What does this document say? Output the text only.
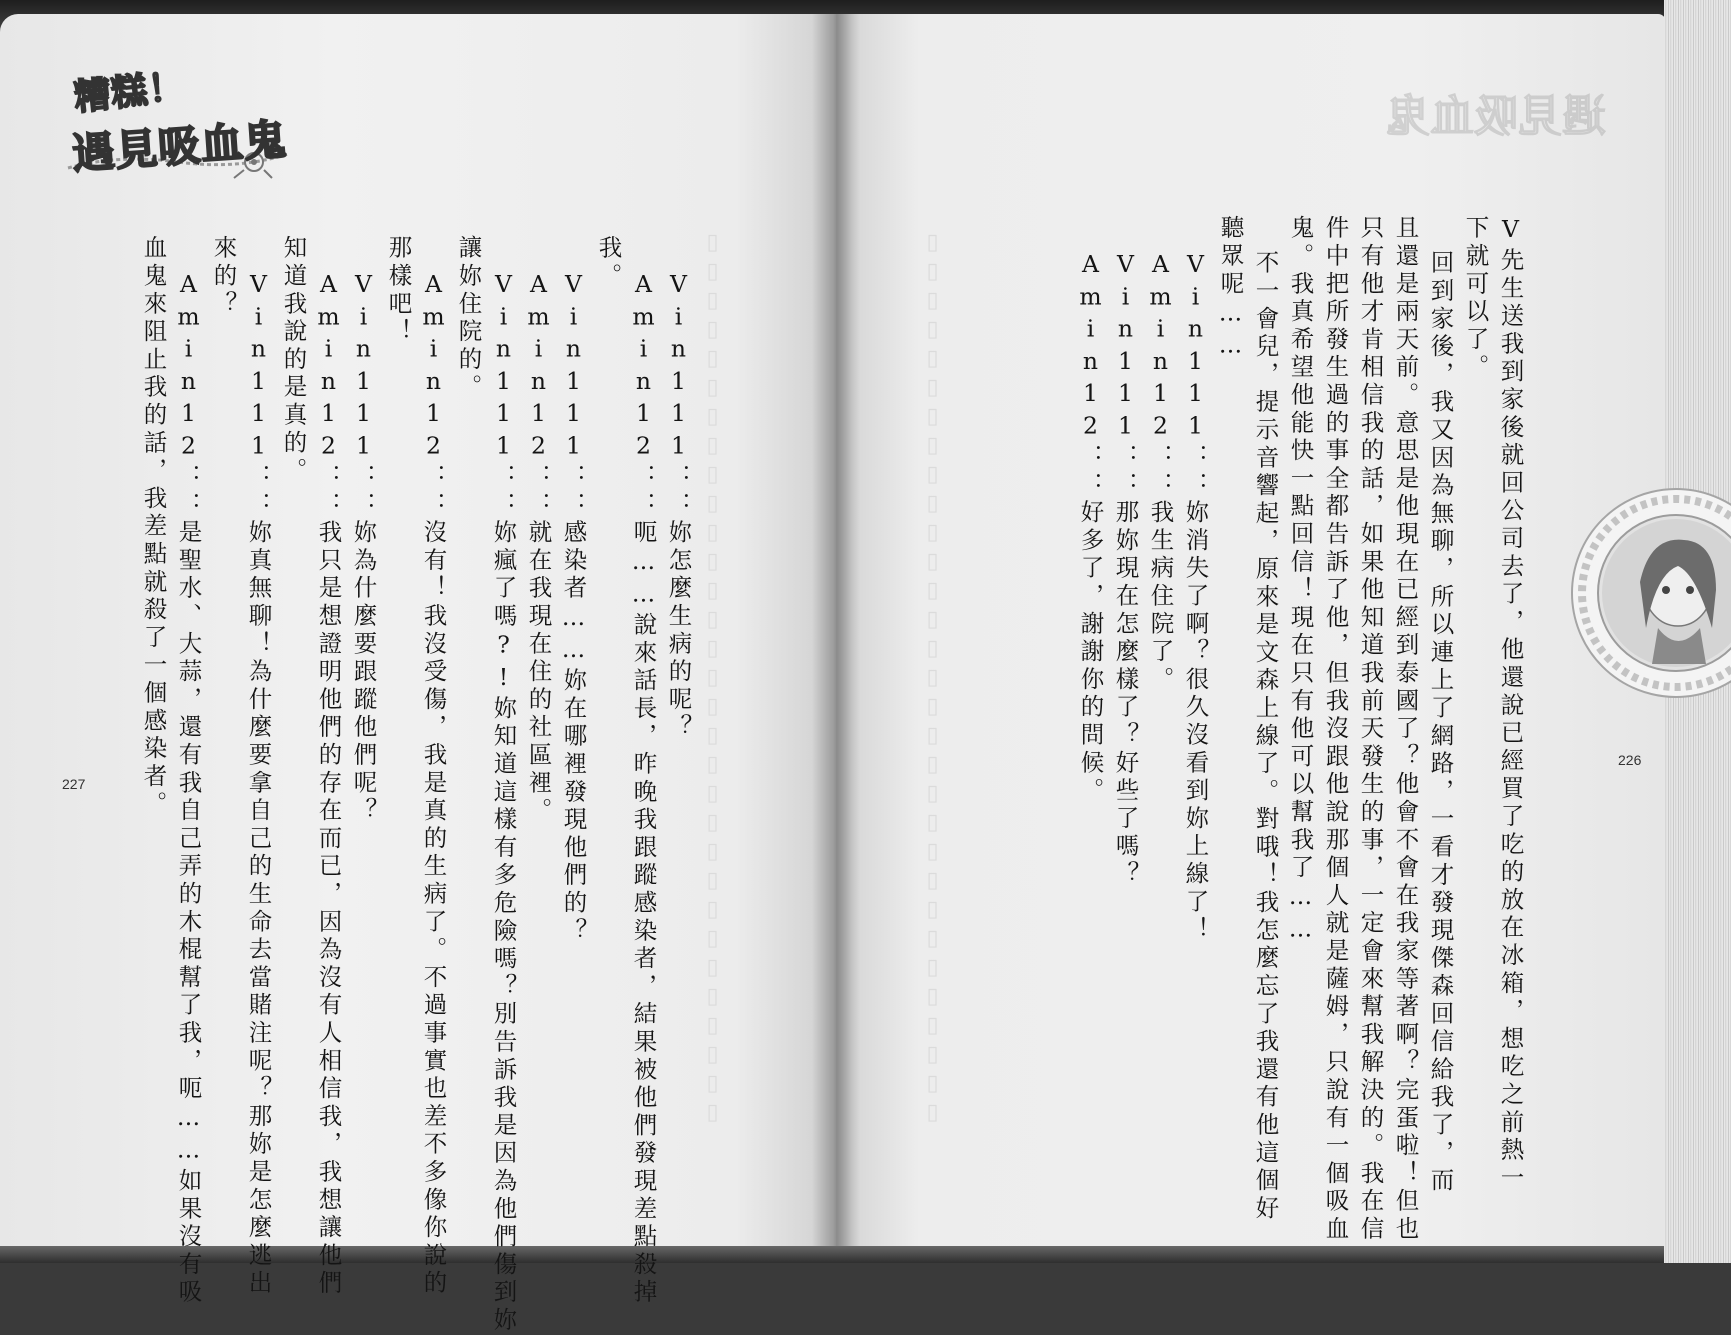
▯▯▯▯▯▯▯▯▯▯▯▯▯▯▯▯▯▯▯▯▯▯▯▯▯▯▯▯▯▯▯	▯▯▯▯▯▯▯▯▯▯▯▯▯▯▯▯▯▯▯▯▯▯▯▯▯▯▯▯▯▯▯
糟糕！
遇見吸血鬼	遇見吸血鬼
Vin111：：妳怎麼生病的呢？
Amin12：：呃……說來話長，昨晚我跟蹤感染者，結果被他們發現差點殺掉
我。
Vin111：：感染者……妳在哪裡發現他們的？
Amin12：：就在我現在住的社區裡。
Vin111：：妳瘋了嗎?!妳知道這樣有多危險嗎？別告訴我是因為他們傷到妳
讓妳住院的。
Amin12：：沒有！我沒受傷，我是真的生病了。不過事實也差不多像你說的
那樣吧！
Vin111：：妳為什麼要跟蹤他們呢？
Amin12：：我只是想證明他們的存在而已，因為沒有人相信我，我想讓他們
知道我說的是真的。
Vin111：：妳真無聊！為什麼要拿自己的生命去當賭注呢？那妳是怎麼逃出
來的？
Amin12：：是聖水、大蒜，還有我自己弄的木棍幫了我，呃……如果沒有吸
血鬼來阻止我的話，我差點就殺了一個感染者。
227	V先生送我到家後就回公司去了，他還說已經買了吃的放在冰箱，想吃之前熱一
下就可以了。
回到家後，我又因為無聊，所以連上了網路，一看才發現傑森回信給我了，而
且還是兩天前。意思是他現在已經到泰國了？他會不會在我家等著啊？完蛋啦！但也
只有他才肯相信我的話，如果他知道我前天發生的事，一定會來幫我解決的。我在信
件中把所發生過的事全都告訴了他，但我沒跟他說那個人就是薩姆，只說有一個吸血
鬼。我真希望他能快一點回信！現在只有他可以幫我了……
不一會兒，提示音響起，原來是文森上線了。對哦！我怎麼忘了我還有他這個好
聽眾呢……
Vin111：：妳消失了啊？很久沒看到妳上線了！
Amin12：：我生病住院了。
Vin111：：那妳現在怎麼樣了？好些了嗎？
Amin12：：好多了，謝謝你的問候。	226
